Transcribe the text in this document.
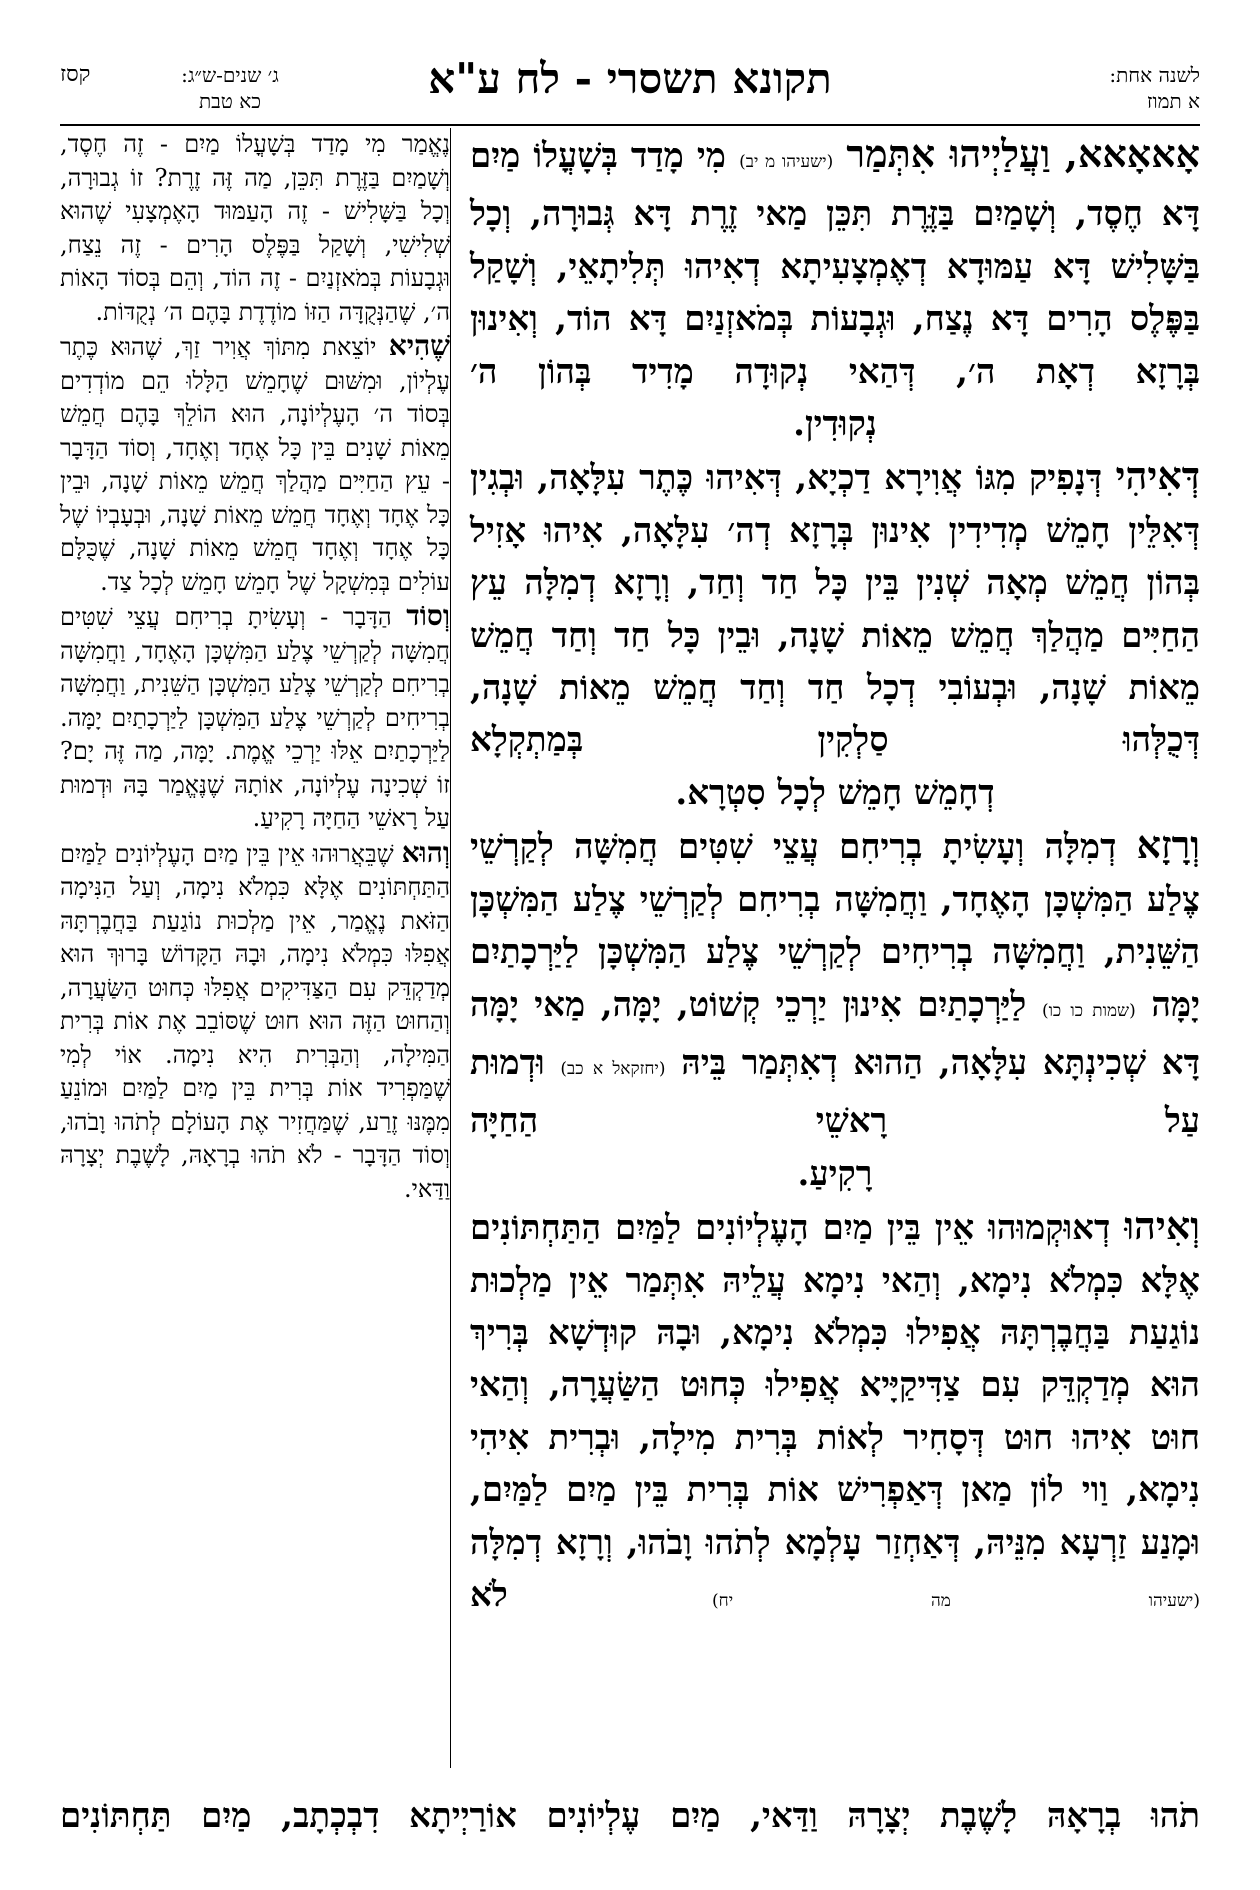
לשנה אחת:
א תמוז
תקונא תשסרי - לח ע"א
ג׳ שנים-ש״ג:
כא טבת
קסז

אָאאָאא, וַעֲלַיְיהוּ אִתְּמַר (ישעיהו מ יב) מִי מָדַד בְּשָׁעֳלוֹ מַיִם דָּא חֶסֶד, וְשָׁמַיִם בַּזֶּרֶת תִּכֵּן מַאי זֶרֶת דָּא גְּבוּרָה, וְכָל בַּשָּׁלִישׁ דָּא עַמּוּדָא דְאֶמְצָעִיתָא דְאִיהוּ תְּלִיתָאֵי, וְשָׁקַל בַּפֶּלֶס הָרִים דָּא נֶצַח, וּגְבָעוֹת בְּמֹאזְנַיִם דָּא הוֹד, וְאִינוּן בְּרָזָא דְאָת ה׳, דְּהַאי נְקוּדָה מָדִיד בְּהוֹן ה׳

נְקוּדִין.

דְּאִיהִי דְּנָפִיק מִגּוֹ אֲוִירָא דַכְיָא, דְּאִיהוּ כֶּתֶר עִלָּאָה, וּבְגִין דְּאִלֵּין חָמֵשׁ מְדִידִין אִינוּן בְּרָזָא דְה׳ עִלָּאָה, אִיהוּ אָזִיל בְּהוֹן חֲמֵשׁ מְאָה שְׁנִין בֵּין כָּל חַד וְחַד, וְרָזָא דְמִלָּה עֵץ הַחַיִּים מַהֲלַךְ חֲמֵשׁ מֵאוֹת שָׁנָה, וּבֵין כָּל חַד וְחַד חֲמֵשׁ מֵאוֹת שָׁנָה, וּבְעוֹבִי דְכָל חַד וְחַד חֲמֵשׁ מֵאוֹת שָׁנָה, דְּכֻלְּהוּ סַלְקִין בְּמַתְקְלָא

דְחָמֵשׁ חָמֵשׁ לְכָל סִטְרָא.

וְרָזָא דְמִלָּה וְעָשִׂיתָ בְרִיחִם עֲצֵי שִׁטִּים חֲמִשָּׁה לְקַרְשֵׁי צֶלַע הַמִּשְׁכָּן הָאֶחָד, וַחֲמִשָּׁה בְרִיחִם לְקַרְשֵׁי צֶלַע הַמִּשְׁכָּן הַשֵּׁנִית, וַחֲמִשָּׁה בְרִיחִים לְקַרְשֵׁי צֶלַע הַמִּשְׁכָּן לַיַּרְכָתַיִם יָמָּה (שמות כו כו) לַיַּרְכָתַיִם אִינוּן יַרְכֵי קְשׁוֹט, יָמָּה, מַאי יָמָּה דָּא שְׁכִינְתָּא עִלָּאָה, הַהוּא דְאִתְּמַר בֵּיהּ (יחזקאל א כב) וּדְמוּת עַל רָאשֵׁי הַחַיָּה

רָקִיעַ.

וְאִיהוּ דְאוּקְמוּהוּ אֵין בֵּין מַיִם הָעֶלְיוֹנִים לַמַּיִם הַתַּחְתּוֹנִים אֶלָּא כִּמְלֹא נִימָא, וְהַאי נִימָא עֲלֵיהּ אִתְּמַר אֵין מַלְכוּת נוֹגַעַת בַּחֲבֶרְתָּהּ אֲפִילוּ כִּמְלֹא נִימָא, וּבָהּ קוּדְשָׁא בְּרִיךְ הוּא מְדַקְדֵּק עִם צַדִּיקַיָּיא אֲפִילוּ כְּחוּט הַשַּׂעֲרָה, וְהַאי חוּט אִיהוּ חוּט דְּסָחִיר לְאוֹת בְּרִית מִילָה, וּבְרִית אִיהִי נִימָא, וַוי לוֹן מַאן דְּאַפְרִישׁ אוֹת בְּרִית בֵּין מַיִם לַמַּיִם, וּמָנַע זַרְעָא מִנֵּיהּ, דְּאַחְזַר עָלְמָא לְתֹהוּ וָבֹהוּ, וְרָזָא דְמִלָּה (ישעיהו מה יח) לֹא

נֶאֱמַר מִי מָדַד בְּשָׁעֳלוֹ מַיִם - זֶה חֶסֶד, וְשָׁמַיִם בַּזֶּרֶת תִּכֵּן, מַה זֶּה זֶרֶת? זוֹ גְבוּרָה, וְכָל בַּשָּׁלִישׁ - זֶה הָעַמּוּד הָאֶמְצָעִי שֶׁהוּא שְׁלִישִׁי, וְשָׁקַל בַּפֶּלֶס הָרִים - זֶה נֵצַח, וּגְבָעוֹת בְּמֹאזְנַיִם - זֶה הוֹד, וְהֵם בְּסוֹד הָאוֹת ה׳, שֶׁהַנְּקֻדָּה הַזּוֹ מוֹדֶדֶת בָּהֶם ה׳ נְקֻדּוֹת.

שֶׁהִיא יוֹצֵאת מִתּוֹךְ אֲוִיר זַךְ, שֶׁהוּא כֶּתֶר עֶלְיוֹן, וּמִשּׁוּם שֶׁחָמֵשׁ הַלָּלוּ הֵם מוֹדְדִים בְּסוֹד ה׳ הָעֶלְיוֹנָה, הוּא הוֹלֵךְ בָּהֶם חֲמֵשׁ מֵאוֹת שָׁנִים בֵּין כָּל אֶחָד וְאֶחָד, וְסוֹד הַדָּבָר - עֵץ הַחַיִּים מַהֲלַךְ חֲמֵשׁ מֵאוֹת שָׁנָה, וּבֵין כָּל אֶחָד וְאֶחָד חֲמֵשׁ מֵאוֹת שָׁנָה, וּבְעָבְיוֹ שֶׁל כָּל אֶחָד וְאֶחָד חֲמֵשׁ מֵאוֹת שָׁנָה, שֶׁכֻּלָּם עוֹלִים בְּמִשְׁקָל שֶׁל חָמֵשׁ חָמֵשׁ לְכָל צַד.

וְסוֹד הַדָּבָר - וְעָשִׂיתָ בְרִיחִם עֲצֵי שִׁטִּים חֲמִשָּׁה לְקַרְשֵׁי צֶלַע הַמִּשְׁכָּן הָאֶחָד, וַחֲמִשָּׁה בְרִיחִם לְקַרְשֵׁי צֶלַע הַמִּשְׁכָּן הַשֵּׁנִית, וַחֲמִשָּׁה בְרִיחִים לְקַרְשֵׁי צֶלַע הַמִּשְׁכָּן לַיַּרְכָתַיִם יָמָּה. לַיַּרְכָתַיִם אֵלּוּ יַרְכֵי אֱמֶת. יָמָּה, מַה זֶּה יָם? זוֹ שְׁכִינָה עֶלְיוֹנָה, אוֹתָהּ שֶׁנֶּאֱמַר בָּהּ וּדְמוּת עַל רָאשֵׁי הַחַיָּה רָקִיעַ.

וְהוּא שֶׁבֵּאֲרוּהוּ אֵין בֵּין מַיִם הָעֶלְיוֹנִים לַמַּיִם הַתַּחְתּוֹנִים אֶלָּא כִּמְלֹא נִימָה, וְעַל הַנִּימָה הַזֹּאת נֶאֱמַר, אֵין מַלְכוּת נוֹגַעַת בַּחֲבֶרְתָּהּ אֲפִלּוּ כִּמְלֹא נִימָה, וּבָהּ הַקָּדוֹשׁ בָּרוּךְ הוּא מְדַקְדֵּק עִם הַצַּדִּיקִים אֲפִלּוּ כְּחוּט הַשַּׂעֲרָה, וְהַחוּט הַזֶּה הוּא חוּט שֶׁסּוֹבֵב אֶת אוֹת בְּרִית הַמִּילָה, וְהַבְּרִית הִיא נִימָה. אוֹי לְמִי שֶׁמַּפְרִיד אוֹת בְּרִית בֵּין מַיִם לַמַּיִם וּמוֹנֵעַ מִמֶּנּוּ זֶרַע, שֶׁמַּחֲזִיר אֶת הָעוֹלָם לְתֹהוּ וָבֹהוּ, וְסוֹד הַדָּבָר - לֹא תֹהוּ בְרָאָהּ, לָשֶׁבֶת יְצָרָהּ וַדַּאי.

תֹהוּ בְרָאָהּ לָשֶׁבֶת יְצָרָהּ וַדַּאי, מַיִם עֶלְיוֹנִים אוֹרַיְיתָא דִבְכְתָב, מַיִם תַּחְתּוֹנִים
